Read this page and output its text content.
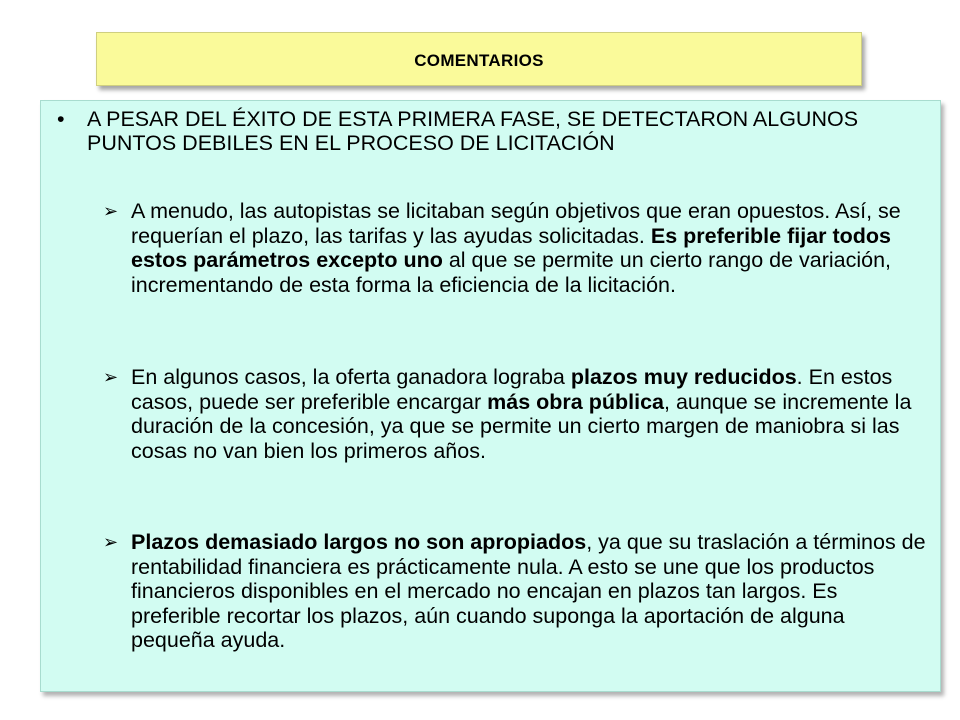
COMENTARIOS
•	A PESAR DEL ÉXITO DE ESTA PRIMERA FASE, SE DETECTARON ALGUNOS PUNTOS DEBILES EN EL PROCESO DE LICITACIÓN
➢ A menudo, las autopistas se licitaban según objetivos que eran opuestos. Así, se requerían el plazo, las tarifas y las ayudas solicitadas. Es preferible fijar todos estos parámetros excepto uno al que se permite un cierto rango de variación, incrementando de esta forma la eficiencia de la licitación.
➢ En algunos casos, la oferta ganadora lograba plazos muy reducidos. En estos casos, puede ser preferible encargar más obra pública, aunque se incremente la duración de la concesión, ya que se permite un cierto margen de maniobra si las cosas no van bien los primeros años.
➢ Plazos demasiado largos no son apropiados, ya que su traslación a términos de rentabilidad financiera es prácticamente nula. A esto se une que los productos financieros disponibles en el mercado no encajan en plazos tan largos. Es preferible recortar los plazos, aún cuando suponga la aportación de alguna pequeña ayuda.
